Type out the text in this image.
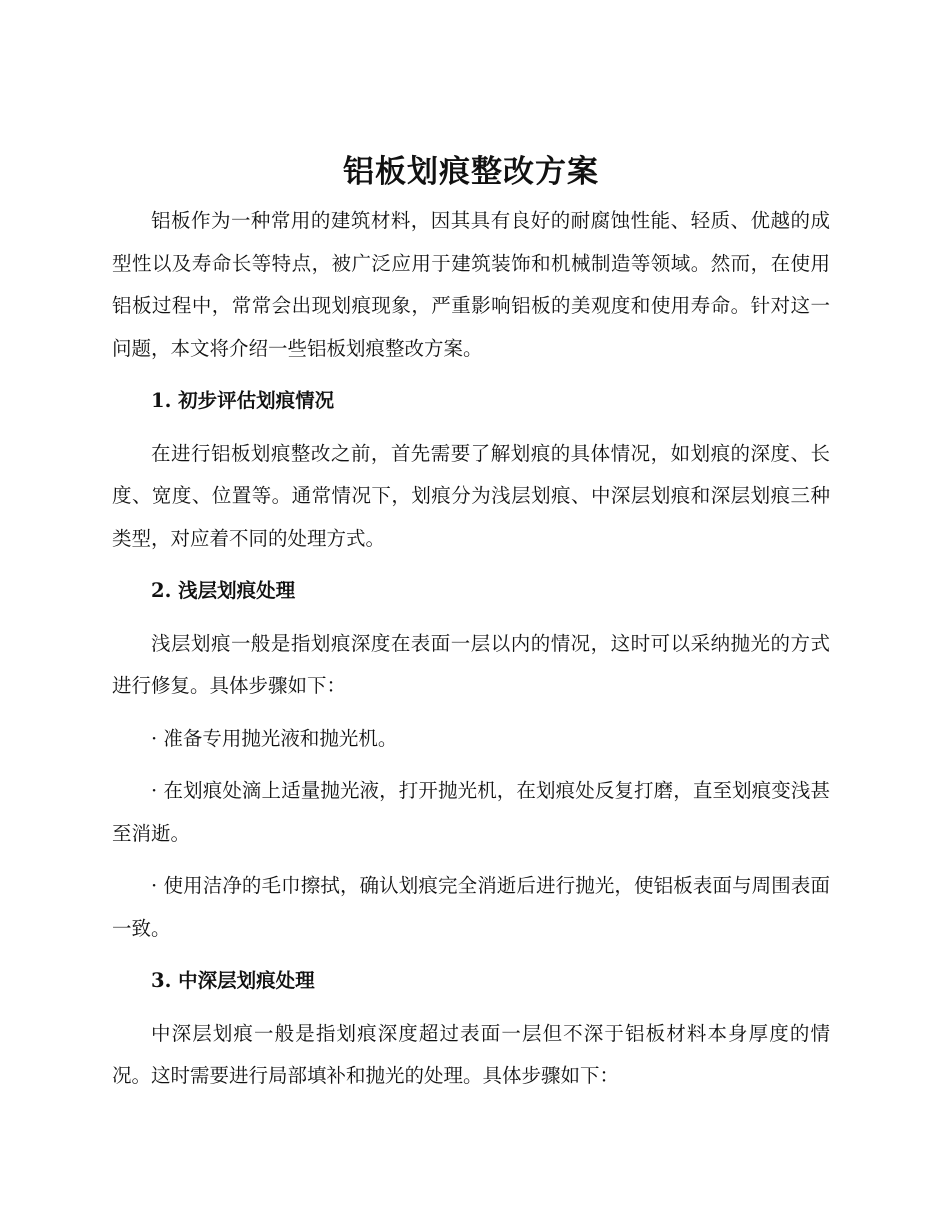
铝板划痕整改方案

铝板作为一种常用的建筑材料，因其具有良好的耐腐蚀性能、轻质、优越的成型性以及寿命长等特点，被广泛应用于建筑装饰和机械制造等领域。然而，在使用铝板过程中，常常会出现划痕现象，严重影响铝板的美观度和使用寿命。针对这一问题，本文将介绍一些铝板划痕整改方案。

1. 初步评估划痕情况

在进行铝板划痕整改之前，首先需要了解划痕的具体情况，如划痕的深度、长度、宽度、位置等。通常情况下，划痕分为浅层划痕、中深层划痕和深层划痕三种类型，对应着不同的处理方式。

2. 浅层划痕处理

浅层划痕一般是指划痕深度在表面一层以内的情况，这时可以采纳抛光的方式进行修复。具体步骤如下：

· 准备专用抛光液和抛光机。

· 在划痕处滴上适量抛光液，打开抛光机，在划痕处反复打磨，直至划痕变浅甚至消逝。

· 使用洁净的毛巾擦拭，确认划痕完全消逝后进行抛光，使铝板表面与周围表面一致。

3. 中深层划痕处理

中深层划痕一般是指划痕深度超过表面一层但不深于铝板材料本身厚度的情况。这时需要进行局部填补和抛光的处理。具体步骤如下：
